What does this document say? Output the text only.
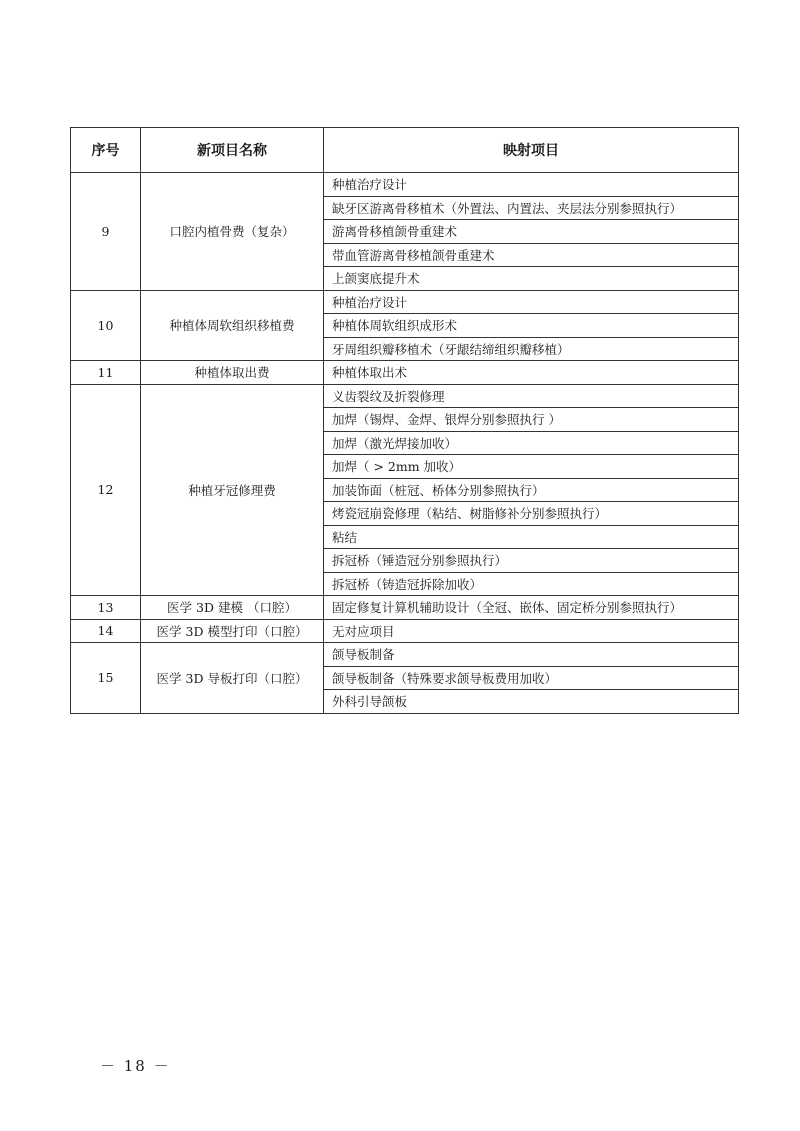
序号	新项目名称	映射项目
9	口腔内植骨费（复杂）	种植治疗设计
		缺牙区游离骨移植术（外置法、内置法、夹层法分别参照执行）
		游离骨移植颌骨重建术
		带血管游离骨移植颌骨重建术
		上颌窦底提升术
10	种植体周软组织移植费	种植治疗设计
		种植体周软组织成形术
		牙周组织瓣移植术（牙龈结缔组织瓣移植）
11	种植体取出费	种植体取出术
12	种植牙冠修理费	义齿裂纹及折裂修理
		加焊（锡焊、金焊、银焊分别参照执行 ）
		加焊（激光焊接加收）
		加焊（ > 2mm 加收）
		加装饰面（桩冠、桥体分别参照执行）
		烤瓷冠崩瓷修理（粘结、树脂修补分别参照执行）
		粘结
		拆冠桥（锤造冠分别参照执行）
		拆冠桥（铸造冠拆除加收）
13	医学 3D 建模 （口腔）	固定修复计算机辅助设计（全冠、嵌体、固定桥分别参照执行）
14	医学 3D 模型打印（口腔）	无对应项目
15	医学 3D 导板打印（口腔）	颌导板制备
		颌导板制备（特殊要求颌导板费用加收）
		外科引导颌板
－ 18 －
